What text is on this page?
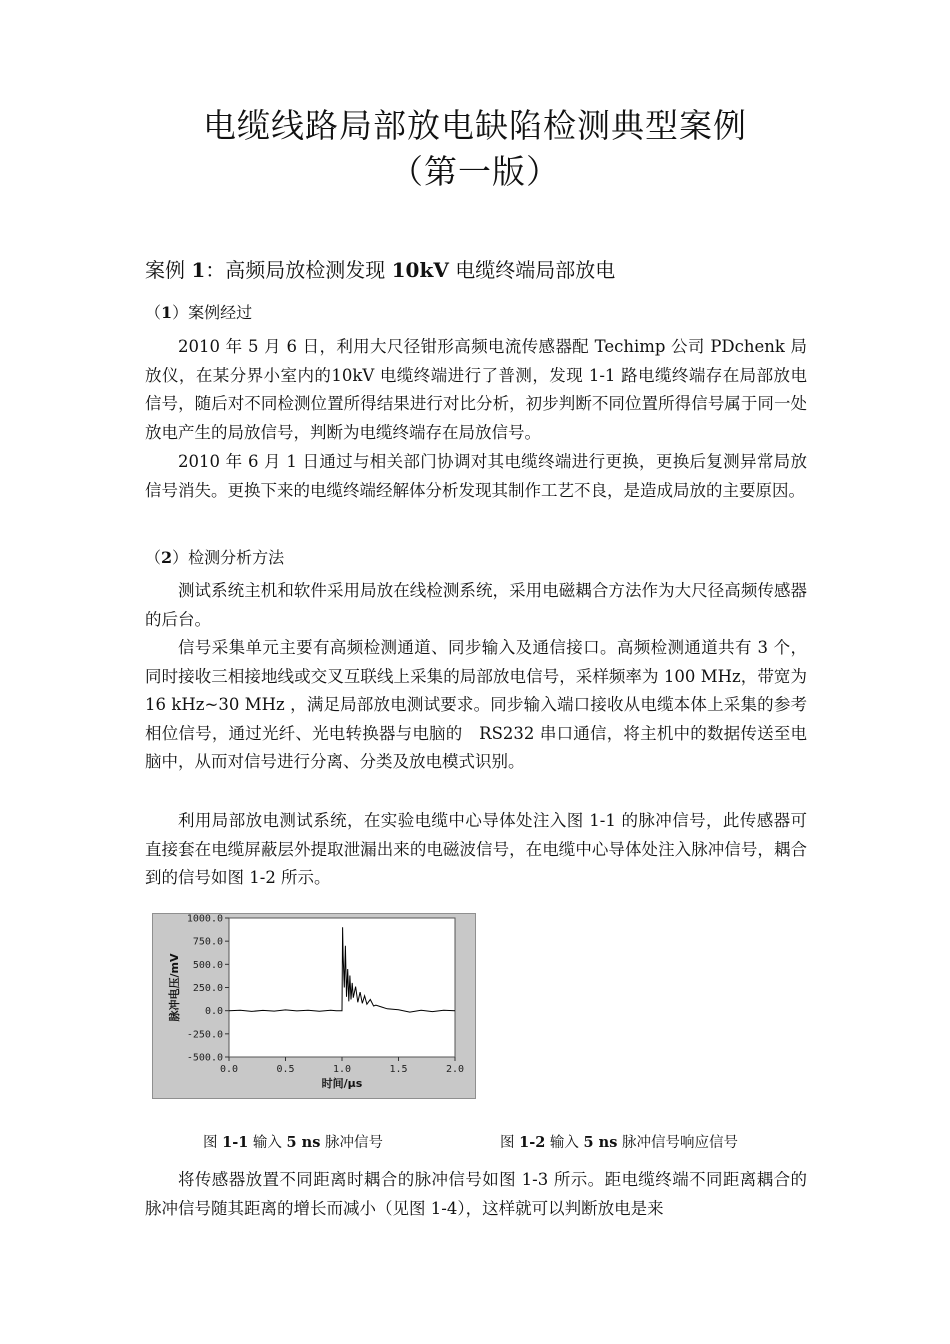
电缆线路局部放电缺陷检测典型案例
（第一版）
案例 1：高频局放检测发现 10kV 电缆终端局部放电
（1）案例经过

2010 年 5 月 6 日，利用大尺径钳形高频电流传感器配 Techimp 公司 PDchenk 局放仪，在某分界小室内的10kV 电缆终端进行了普测，发现 1-1 路电缆终端存在局部放电信号，随后对不同检测位置所得结果进行对比分析，初步判断不同位置所得信号属于同一处放电产生的局放信号，判断为电缆终端存在局放信号。

2010 年 6 月 1 日通过与相关部门协调对其电缆终端进行更换，更换后复测异常局放信号消失。更换下来的电缆终端经解体分析发现其制作工艺不良，是造成局放的主要原因。

（2）检测分析方法

测试系统主机和软件采用局放在线检测系统，采用电磁耦合方法作为大尺径高频传感器的后台。

信号采集单元主要有高频检测通道、同步输入及通信接口。高频检测通道共有 3 个，同时接收三相接地线或交叉互联线上采集的局部放电信号，采样频率为 100 MHz，带宽为 16 kHz~30 MHz ，满足局部放电测试要求。同步输入端口接收从电缆本体上采集的参考相位信号，通过光纤、光电转换器与电脑的　RS232 串口通信，将主机中的数据传送至电脑中，从而对信号进行分离、分类及放电模式识别。

利用局部放电测试系统，在实验电缆中心导体处注入图 1-1 的脉冲信号，此传感器可直接套在电缆屏蔽层外提取泄漏出来的电磁波信号，在电缆中心导体处注入脉冲信号，耦合到的信号如图 1-2 所示。

1000.0
750.0
500.0
250.0
0.0
-250.0
-500.0
0.0	0.5	1.0	1.5	2.0
时间/μs
脉冲电压/mV
图 1-1 输入 5 ns 脉冲信号	图 1-2 输入 5 ns 脉冲信号响应信号

将传感器放置不同距离时耦合的脉冲信号如图 1-3 所示。距电缆终端不同距离耦合的脉冲信号随其距离的增长而减小（见图 1-4），这样就可以判断放电是来
